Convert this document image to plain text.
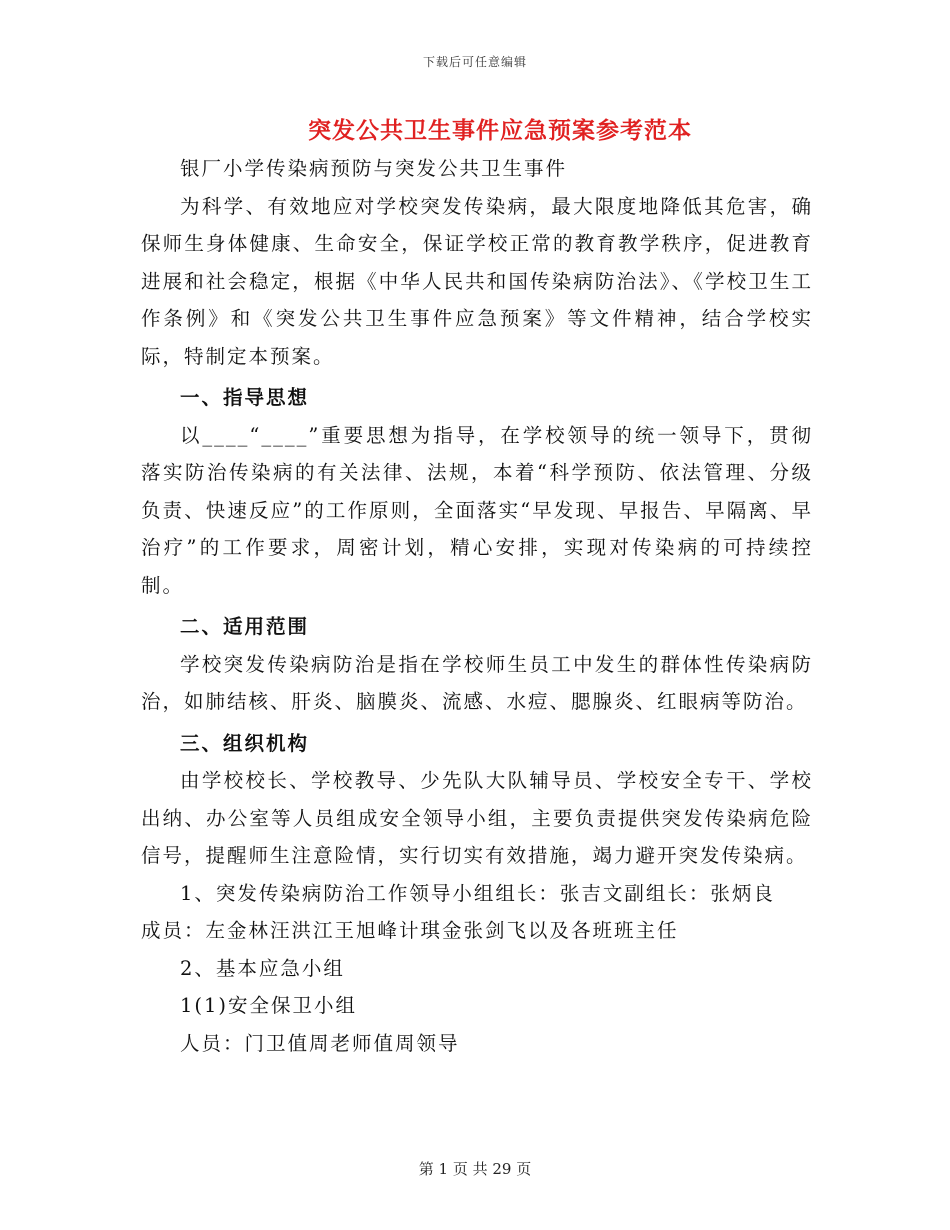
下载后可任意编辑
突发公共卫生事件应急预案参考范本

银厂小学传染病预防与突发公共卫生事件

为科学、有效地应对学校突发传染病，最大限度地降低其危害，确保师生身体健康、生命安全，保证学校正常的教育教学秩序，促进教育进展和社会稳定，根据《中华人民共和国传染病防治法》、《学校卫生工作条例》和《突发公共卫生事件应急预案》等文件精神，结合学校实际，特制定本预案。

一、指导思想

以____“____”重要思想为指导，在学校领导的统一领导下，贯彻落实防治传染病的有关法律、法规，本着“科学预防、依法管理、分级负责、快速反应”的工作原则，全面落实“早发现、早报告、早隔离、早治疗”的工作要求，周密计划，精心安排，实现对传染病的可持续控制。

二、适用范围

学校突发传染病防治是指在学校师生员工中发生的群体性传染病防治，如肺结核、肝炎、脑膜炎、流感、水痘、腮腺炎、红眼病等防治。

三、组织机构

由学校校长、学校教导、少先队大队辅导员、学校安全专干、学校出纳、办公室等人员组成安全领导小组，主要负责提供突发传染病危险信号，提醒师生注意险情，实行切实有效措施，竭力避开突发传染病。

1、突发传染病防治工作领导小组组长：张吉文副组长：张炳良

成员：左金林汪洪江王旭峰计琪金张剑飞以及各班班主任

2、基本应急小组

1(1)安全保卫小组

人员：门卫值周老师值周领导

第 1 页 共 29 页
